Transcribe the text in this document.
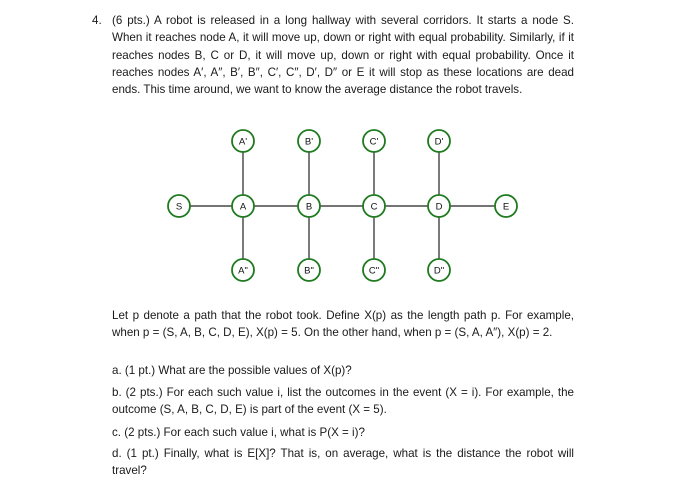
4. (6 pts.) A robot is released in a long hallway with several corridors. It starts a node S. When it reaches node A, it will move up, down or right with equal probability. Similarly, if it reaches nodes B, C or D, it will move up, down or right with equal probability. Once it reaches nodes A′, A″, B′, B″, C′, C″, D′, D″ or E it will stop as these locations are dead ends. This time around, we want to know the average distance the robot travels.
A'	B'	C'	D'
S	A	B	C	D	E
A"	B"	C"	D"
Let p denote a path that the robot took. Define X(p) as the length path p. For example, when p = (S, A, B, C, D, E), X(p) = 5. On the other hand, when p = (S, A, A″), X(p) = 2.
a. (1 pt.) What are the possible values of X(p)?
b. (2 pts.) For each such value i, list the outcomes in the event (X = i). For example, the outcome (S, A, B, C, D, E) is part of the event (X = 5).
c. (2 pts.) For each such value i, what is P(X = i)?
d. (1 pt.) Finally, what is E[X]? That is, on average, what is the distance the robot will travel?
